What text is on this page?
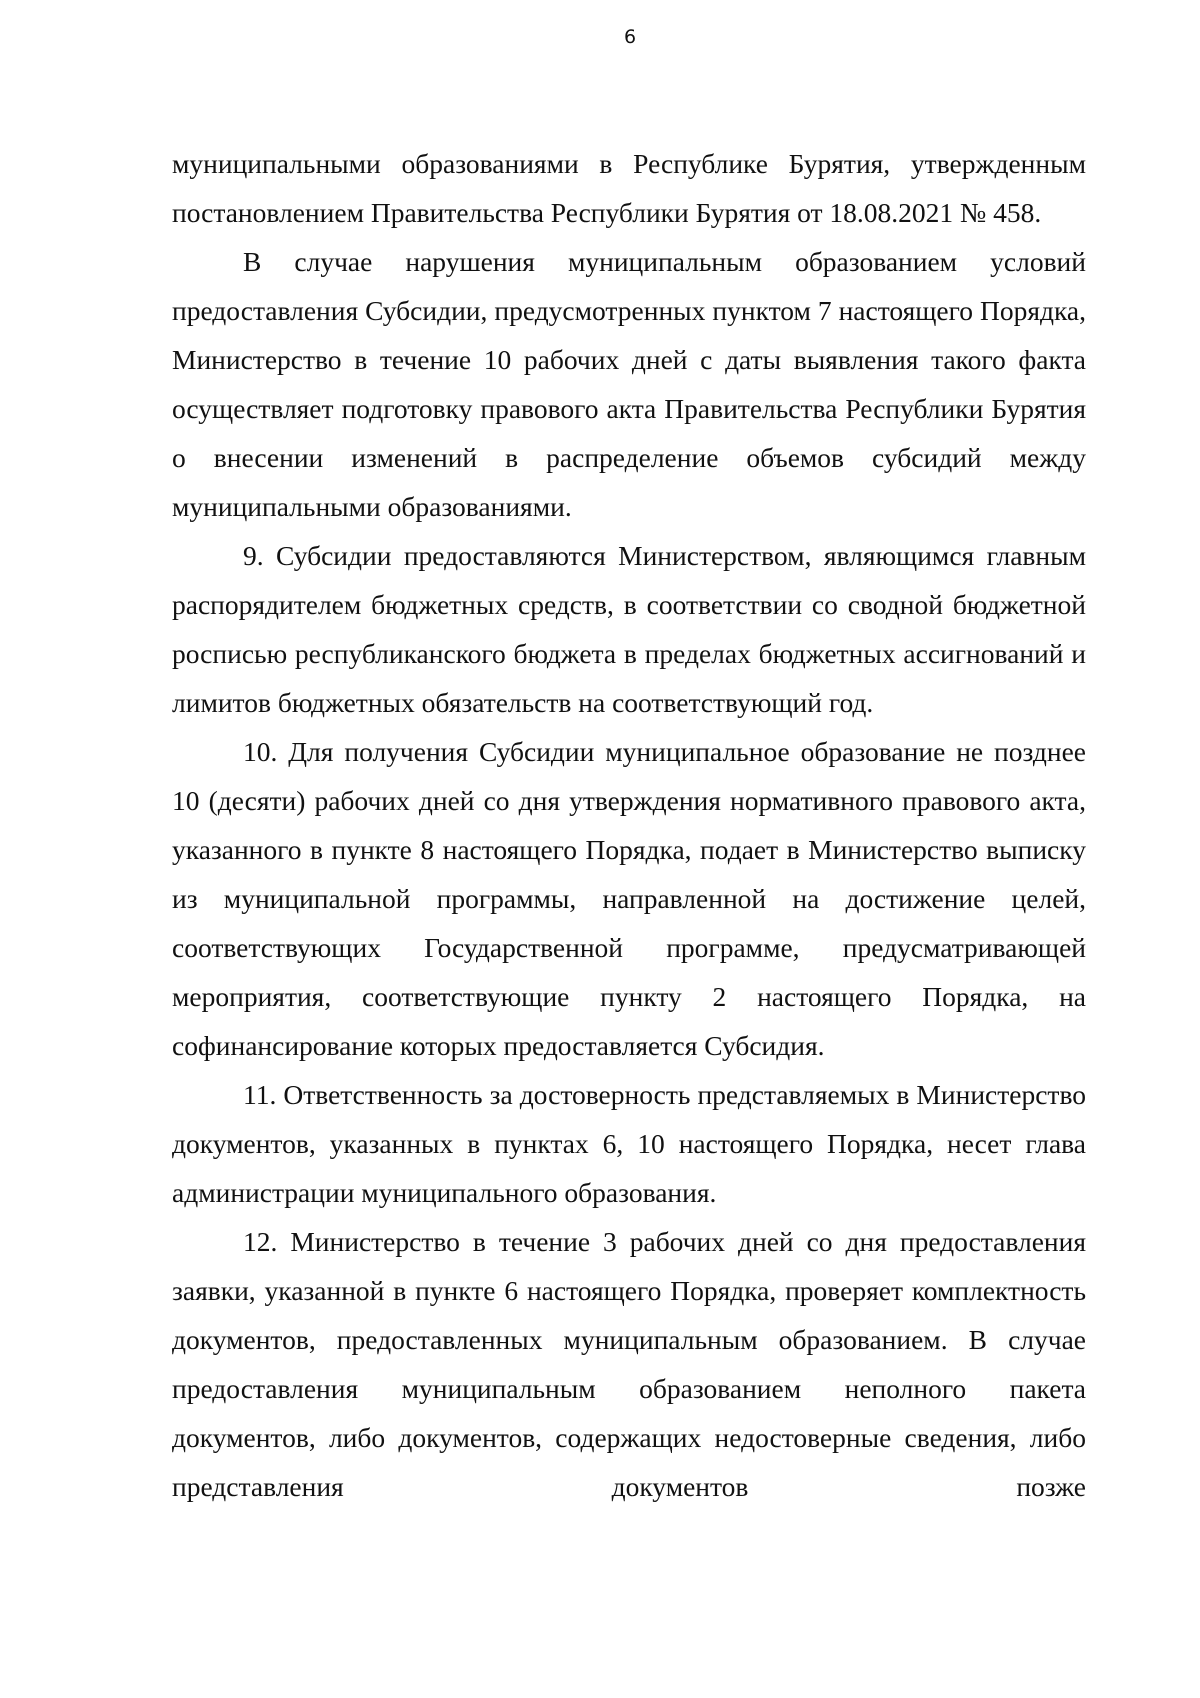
6

муниципальными образованиями в Республике Бурятия, утвержденным постановлением Правительства Республики Бурятия от 18.08.2021 № 458.

В случае нарушения муниципальным образованием условий предоставления Субсидии, предусмотренных пунктом 7 настоящего Порядка, Министерство в течение 10 рабочих дней с даты выявления такого факта осуществляет подготовку правового акта Правительства Республики Бурятия о внесении изменений в распределение объемов субсидий между муниципальными образованиями.

9. Субсидии предоставляются Министерством, являющимся главным распорядителем бюджетных средств, в соответствии со сводной бюджетной росписью республиканского бюджета в пределах бюджетных ассигнований и лимитов бюджетных обязательств на соответствующий год.

10. Для получения Субсидии муниципальное образование не позднее 10 (десяти) рабочих дней со дня утверждения нормативного правового акта, указанного в пункте 8 настоящего Порядка, подает в Министерство выписку из муниципальной программы, направленной на достижение целей, соответствующих Государственной программе, предусматривающей мероприятия, соответствующие пункту 2 настоящего Порядка, на софинансирование которых предоставляется Субсидия.

11. Ответственность за достоверность представляемых в Министерство документов, указанных в пунктах 6, 10 настоящего Порядка, несет глава администрации муниципального образования.

12. Министерство в течение 3 рабочих дней со дня предоставления заявки, указанной в пункте 6 настоящего Порядка, проверяет комплектность документов, предоставленных муниципальным образованием. В случае предоставления муниципальным образованием неполного пакета документов, либо документов, содержащих недостоверные сведения, либо представления документов позже
